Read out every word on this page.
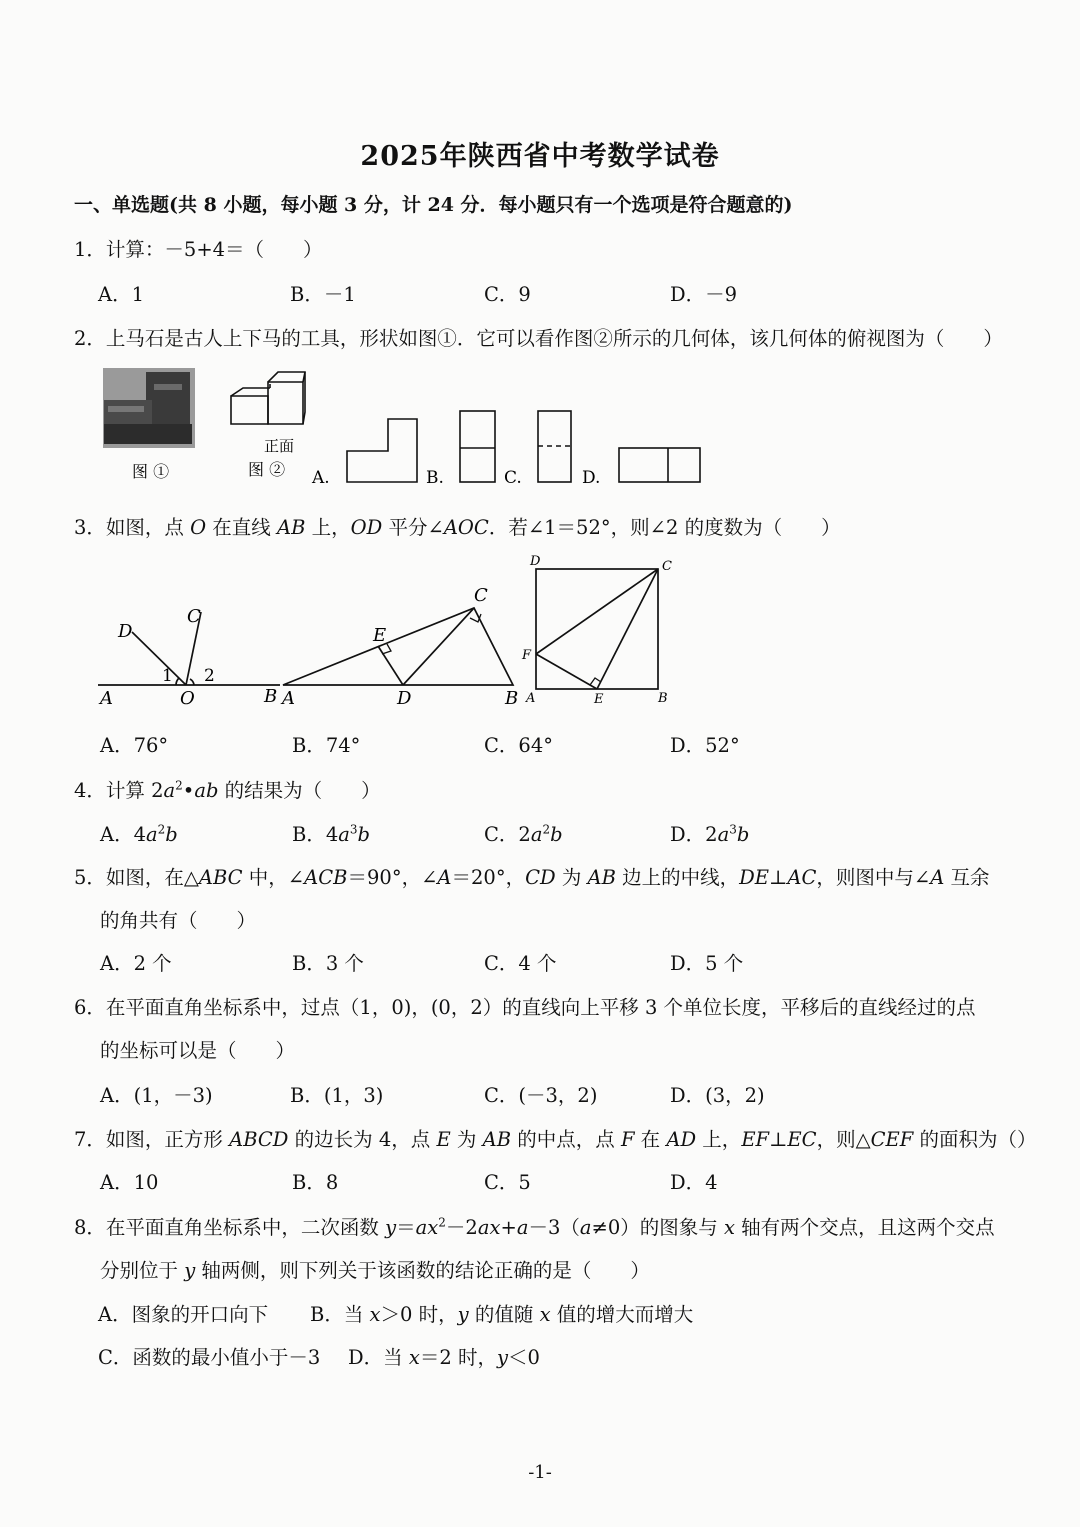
2025年陕西省中考数学试卷
一、单选题(共 8 小题，每小题 3 分，计 24 分．每小题只有一个选项是符合题意的)
1．计算：－5+4＝（　　）
A．1	B．－1	C．9	D．－9
2．上马石是古人上下马的工具，形状如图①．它可以看作图②所示的几何体，该几何体的俯视图为（　　）
图 ①
正面
图 ② A.	B.	C.	D.
3．如图，点 O 在直线 AB 上，OD 平分∠AOC．若∠1＝52°，则∠2 的度数为（　　）
D
C
1 2
A	O	B
C
E
A	D	B
D	C
F
A	E	B
A．76°	B．74°	C．64°	D．52°
4．计算 $2a^2•ab$ 的结果为（　　）
A．$4a^2b$	B．$4a^3b$	C．$2a^2b$	D．$2a^3b$
5．如图，在△ABC 中，∠ACB＝90°，∠A＝20°，CD 为 AB 边上的中线，DE⊥AC，则图中与∠A 互余
的角共有（　　）
A．2 个	B．3 个	C．4 个	D．5 个
6．在平面直角坐标系中，过点（1，0)，(0，2）的直线向上平移 3 个单位长度，平移后的直线经过的点
的坐标可以是（　　）
A．(1，－3)	B．(1，3)	C．(－3，2)	D．(3，2)
7．如图，正方形 ABCD 的边长为 4，点 E 为 AB 的中点，点 F 在 AD 上，EF⊥EC，则△CEF 的面积为（）
A．10	B．8	C．5	D．4
8．在平面直角坐标系中，二次函数 $y=ax^2-2ax+a-3(a\ne 0)$的图象与 x 轴有两个交点，且这两个交点
分别位于 y 轴两侧，则下列关于该函数的结论正确的是（　　）
A．图象的开口向下 B．当 x＞0 时，y 的值随 x 值的增大而增大
C．函数的最小值小于－3 D．当 x＝2 时，y＜0
-1-
